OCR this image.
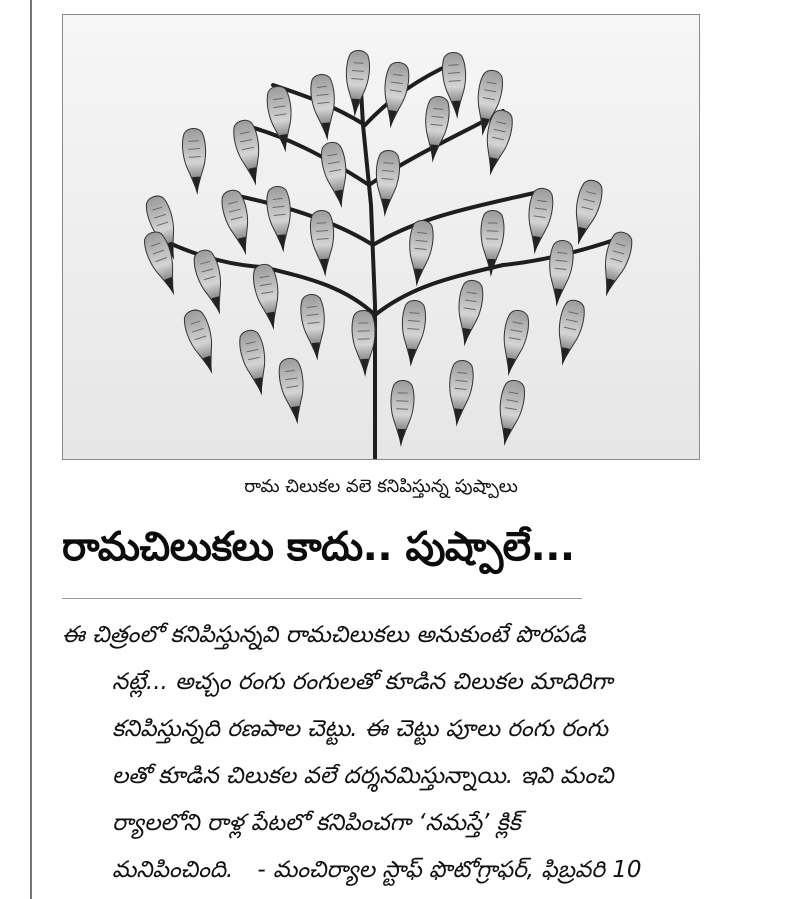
రామ చిలుకల వలె కనిపిస్తున్న పుష్పాలు
రామచిలుకలు కాదు.. పుష్పాలే...
ఈ చిత్రంలో కనిపిస్తున్నవి రామచిలుకలు అనుకుంటే పొరపడి
నట్లే... అచ్చం రంగు రంగులతో కూడిన చిలుకల మాదిరిగా
కనిపిస్తున్నది రణపాల చెట్టు. ఈ చెట్టు పూలు రంగు రంగు
లతో కూడిన చిలుకల వలే దర్శనమిస్తున్నాయి. ఇవి మంచి
ర్యాలలోని రాళ్ల పేటలో కనిపించగా ‘నమస్తే’ క్లిక్
మనిపించింది. - మంచిర్యాల స్టాఫ్ ఫొటోగ్రాఫర్, ఫిబ్రవరి 10
